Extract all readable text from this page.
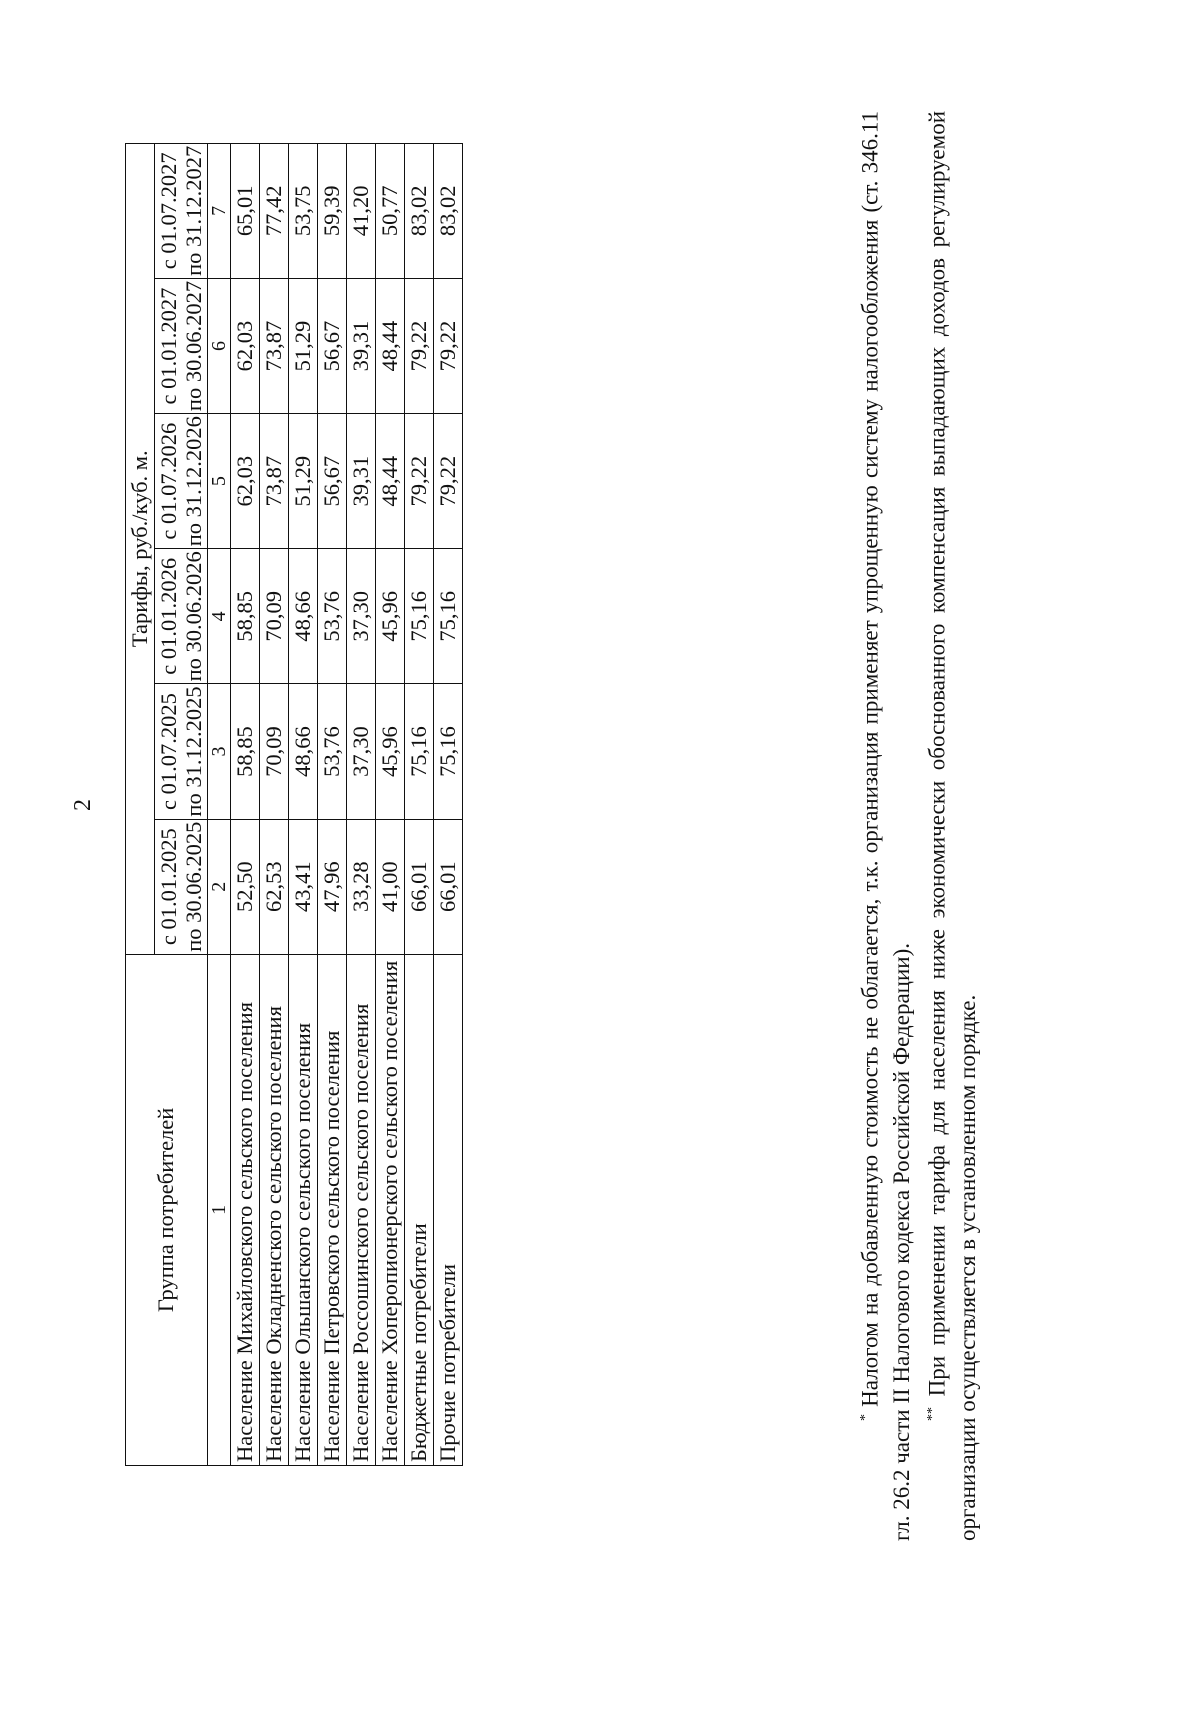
2
Группа потребителей	Тарифы, руб./куб. м.					

	с 01.01.2025 по 30.06.2025	с 01.07.2025 по 31.12.2025	с 01.01.2026 по 30.06.2026	с 01.07.2026 по 31.12.2026	с 01.01.2027 по 30.06.2027	с 01.07.2027 по 31.12.2027

1	2	3	4	5	6	7
Население Михайловского сельского поселения	52,50	58,85	58,85	62,03	62,03	65,01
Население Окладненского сельского поселения	62,53	70,09	70,09	73,87	73,87	77,42
Население Ольшанского сельского поселения	43,41	48,66	48,66	51,29	51,29	53,75
Население Петровского сельского поселения	47,96	53,76	53,76	56,67	56,67	59,39
Население Россошинского сельского поселения	33,28	37,30	37,30	39,31	39,31	41,20
Население Хоперопионерского сельского поселения	41,00	45,96	45,96	48,44	48,44	50,77
Бюджетные потребители	66,01	75,16	75,16	79,22	79,22	83,02
Прочие потребители	66,01	75,16	75,16	79,22	79,22	83,02

* Налогом на добавленную стоимость не облагается, т.к. организация применяет упрощенную систему налогообложения (ст. 346.11 гл. 26.2 части II Налогового кодекса Российской Федерации). ** При применении тарифа для населения ниже экономически обоснованного компенсация выпадающих доходов регулируемой организации осуществляется в установленном порядке.
